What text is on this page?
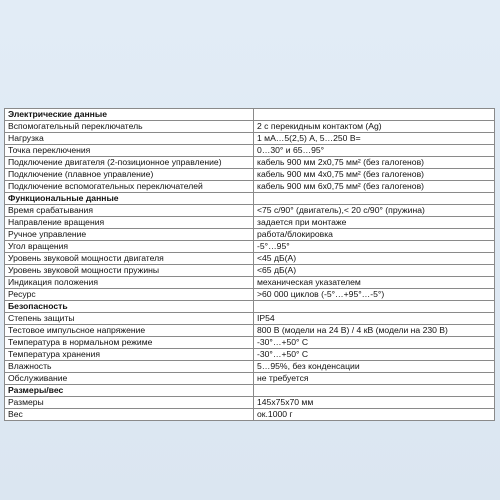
Электрические данные	
Вспомогательный переключатель	2 с перекидным контактом (Ag)
Нагрузка	1 мА…5(2,5) А, 5…250 В=
Точка переключения	0…30° и 65…95°
Подключение двигателя (2-позиционное управление)	кабель 900 мм 2х0,75 мм² (без галогенов)
Подключение (плавное управление)	кабель 900 мм 4х0,75 мм² (без галогенов)
Подключение вспомогательных переключателей	кабель 900 мм 6х0,75 мм² (без галогенов)
Функциональные данные	
Время срабатывания	<75 с/90° (двигатель),< 20 с/90° (пружина)
Направление вращения	задается при монтаже
Ручное управление	работа/блокировка
Угол вращения	-5°…95°
Уровень звуковой мощности двигателя	<45 дБ(А)
Уровень звуковой мощности пружины	<65 дБ(А)
Индикация положения	механическая указателем
Ресурс	>60 000 циклов (-5°…+95°…-5°)
Безопасность	
Степень защиты	IP54
Тестовое импульсное напряжение	800 В (модели на 24 В) / 4 кВ (модели на 230 В)
Температура в нормальном режиме	-30°…+50° С
Температура хранения	-30°…+50° С
Влажность	5…95%, без конденсации
Обслуживание	не требуется
Размеры/вес	
Размеры	145х75х70 мм
Вес	ок.1000 г
